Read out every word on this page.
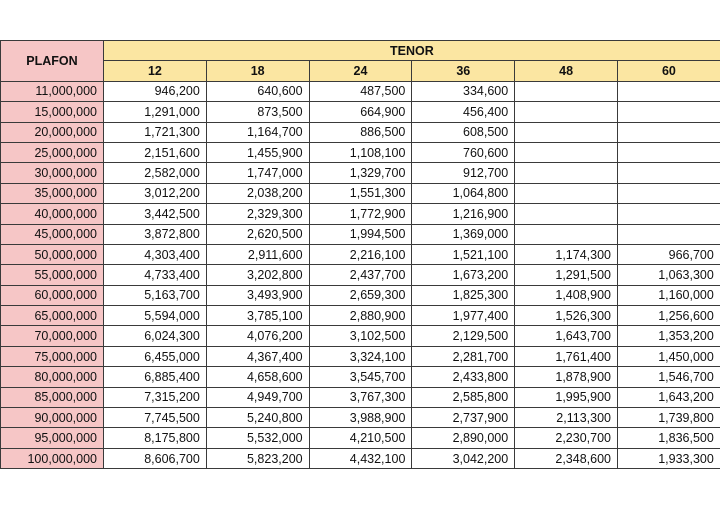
PLAFON	TENOR					
	12	18	24	36	48	60
11,000,000	946,200	640,600	487,500	334,600		
15,000,000	1,291,000	873,500	664,900	456,400		
20,000,000	1,721,300	1,164,700	886,500	608,500		
25,000,000	2,151,600	1,455,900	1,108,100	760,600		
30,000,000	2,582,000	1,747,000	1,329,700	912,700		
35,000,000	3,012,200	2,038,200	1,551,300	1,064,800		
40,000,000	3,442,500	2,329,300	1,772,900	1,216,900		
45,000,000	3,872,800	2,620,500	1,994,500	1,369,000		
50,000,000	4,303,400	2,911,600	2,216,100	1,521,100	1,174,300	966,700
55,000,000	4,733,400	3,202,800	2,437,700	1,673,200	1,291,500	1,063,300
60,000,000	5,163,700	3,493,900	2,659,300	1,825,300	1,408,900	1,160,000
65,000,000	5,594,000	3,785,100	2,880,900	1,977,400	1,526,300	1,256,600
70,000,000	6,024,300	4,076,200	3,102,500	2,129,500	1,643,700	1,353,200
75,000,000	6,455,000	4,367,400	3,324,100	2,281,700	1,761,400	1,450,000
80,000,000	6,885,400	4,658,600	3,545,700	2,433,800	1,878,900	1,546,700
85,000,000	7,315,200	4,949,700	3,767,300	2,585,800	1,995,900	1,643,200
90,000,000	7,745,500	5,240,800	3,988,900	2,737,900	2,113,300	1,739,800
95,000,000	8,175,800	5,532,000	4,210,500	2,890,000	2,230,700	1,836,500
100,000,000	8,606,700	5,823,200	4,432,100	3,042,200	2,348,600	1,933,300
